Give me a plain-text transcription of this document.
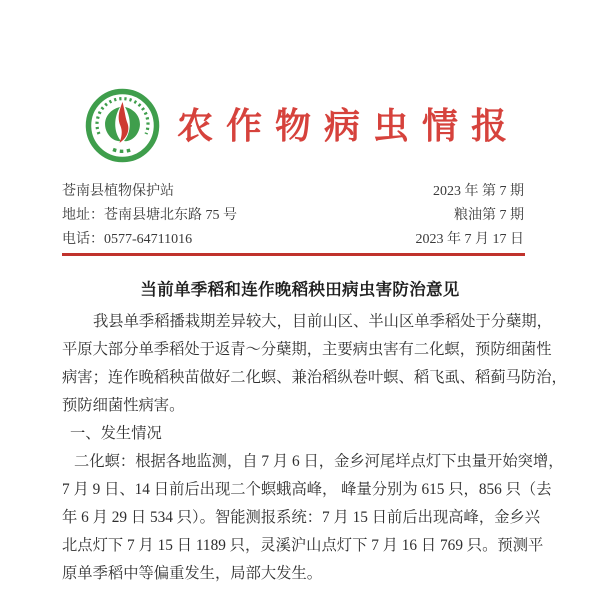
农作物病虫情报
苍南县植物保护站	2023 年 第 7 期
地址：苍南县塘北东路 75 号	粮油第 7 期
电话：0577-64711016	2023 年 7 月 17 日
当前单季稻和连作晚稻秧田病虫害防治意见
我县单季稻播栽期差异较大，目前山区、半山区单季稻处于分蘖期，
平原大部分单季稻处于返青～分蘖期，主要病虫害有二化螟，预防细菌性
病害；连作晚稻秧苗做好二化螟、兼治稻纵卷叶螟、稻飞虱、稻蓟马防治，
预防细菌性病害。
一、发生情况
二化螟：根据各地监测，自 7 月 6 日，金乡河尾垟点灯下虫量开始突增，
7 月 9 日、14 日前后出现二个螟蛾高峰， 峰量分别为 615 只，856 只（去
年 6 月 29 日 534 只）。智能测报系统：7 月 15 日前后出现高峰，金乡兴
北点灯下 7 月 15 日 1189 只，灵溪沪山点灯下 7 月 16 日 769 只。预测平
原单季稻中等偏重发生，局部大发生。
